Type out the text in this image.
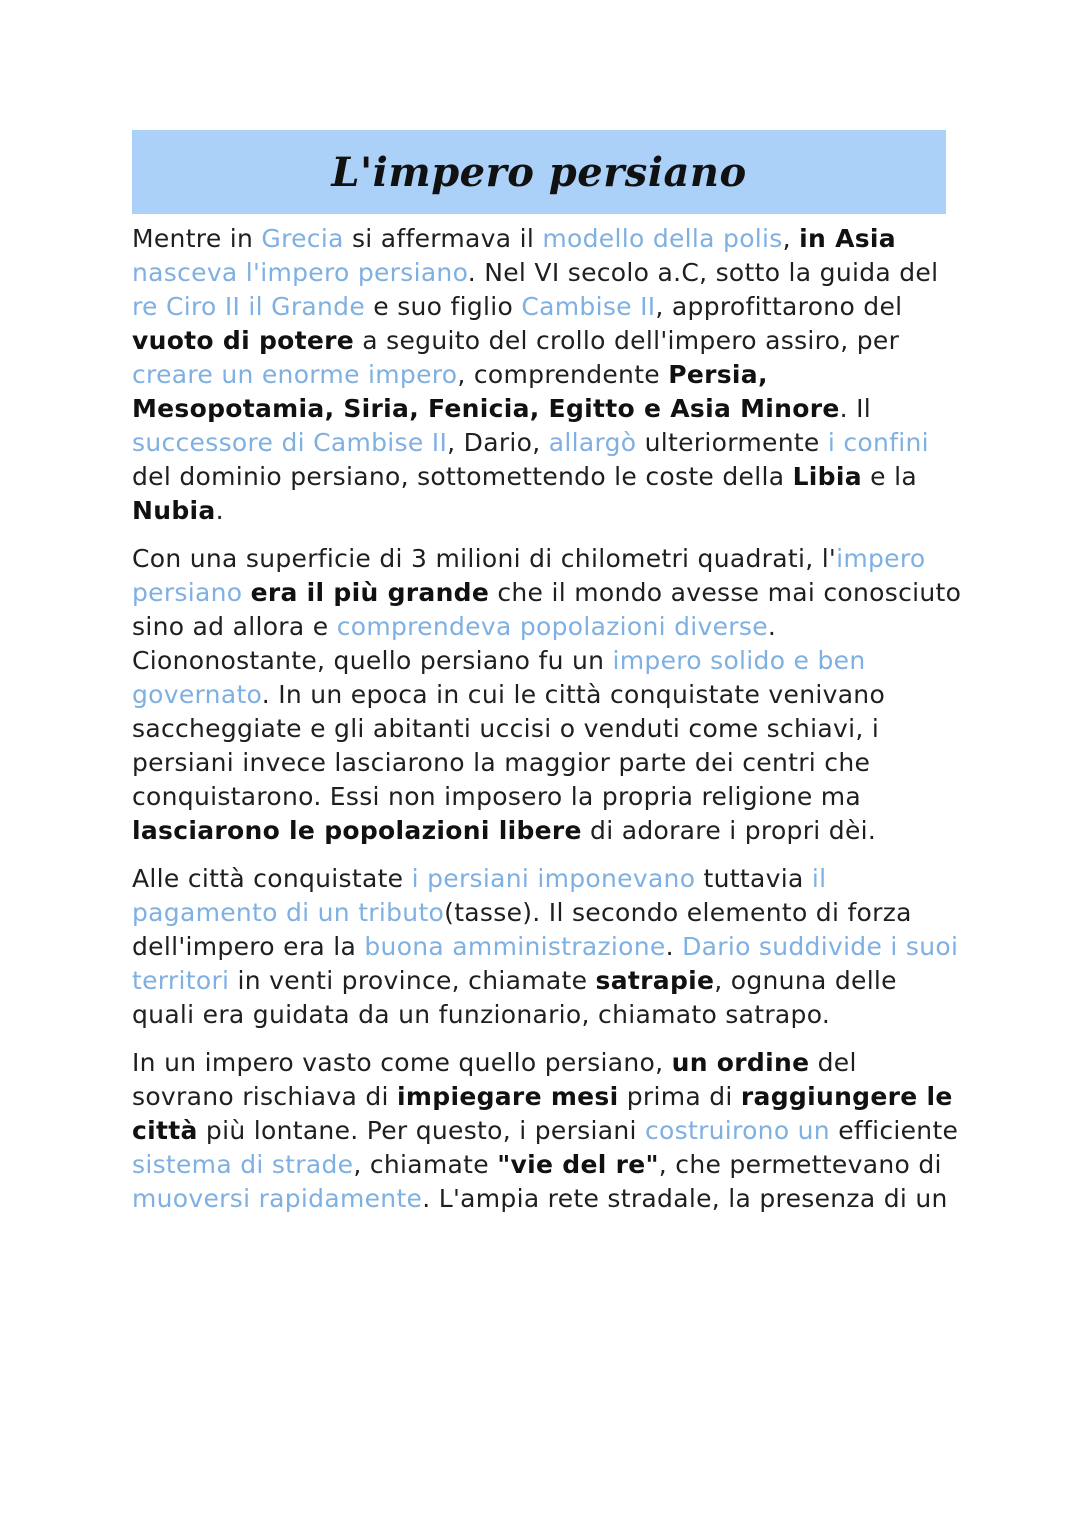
L'impero persiano

Mentre in Grecia si affermava il modello della polis, in Asia nasceva l'impero persiano. Nel VI secolo a.C, sotto la guida del re Ciro II il Grande e suo figlio Cambise II, approfittarono del vuoto di potere a seguito del crollo dell'impero assiro, per creare un enorme impero, comprendente Persia, Mesopotamia, Siria, Fenicia, Egitto e Asia Minore. Il successore di Cambise II, Dario, allargò ulteriormente i confini del dominio persiano, sottomettendo le coste della Libia e la Nubia.

Con una superficie di 3 milioni di chilometri quadrati, l'impero persiano era il più grande che il mondo avesse mai conosciuto sino ad allora e comprendeva popolazioni diverse. Ciononostante, quello persiano fu un impero solido e ben governato. In un epoca in cui le città conquistate venivano saccheggiate e gli abitanti uccisi o venduti come schiavi, i persiani invece lasciarono la maggior parte dei centri che conquistarono. Essi non imposero la propria religione ma lasciarono le popolazioni libere di adorare i propri dèi.

Alle città conquistate i persiani imponevano tuttavia il pagamento di un tributo(tasse). Il secondo elemento di forza dell'impero era la buona amministrazione. Dario suddivide i suoi territori in venti province, chiamate satrapie, ognuna delle quali era guidata da un funzionario, chiamato satrapo.

In un impero vasto come quello persiano, un ordine del sovrano rischiava di impiegare mesi prima di raggiungere le città più lontane. Per questo, i persiani costruirono un efficiente sistema di strade, chiamate "vie del re", che permettevano di muoversi rapidamente. L'ampia rete stradale, la presenza di un
